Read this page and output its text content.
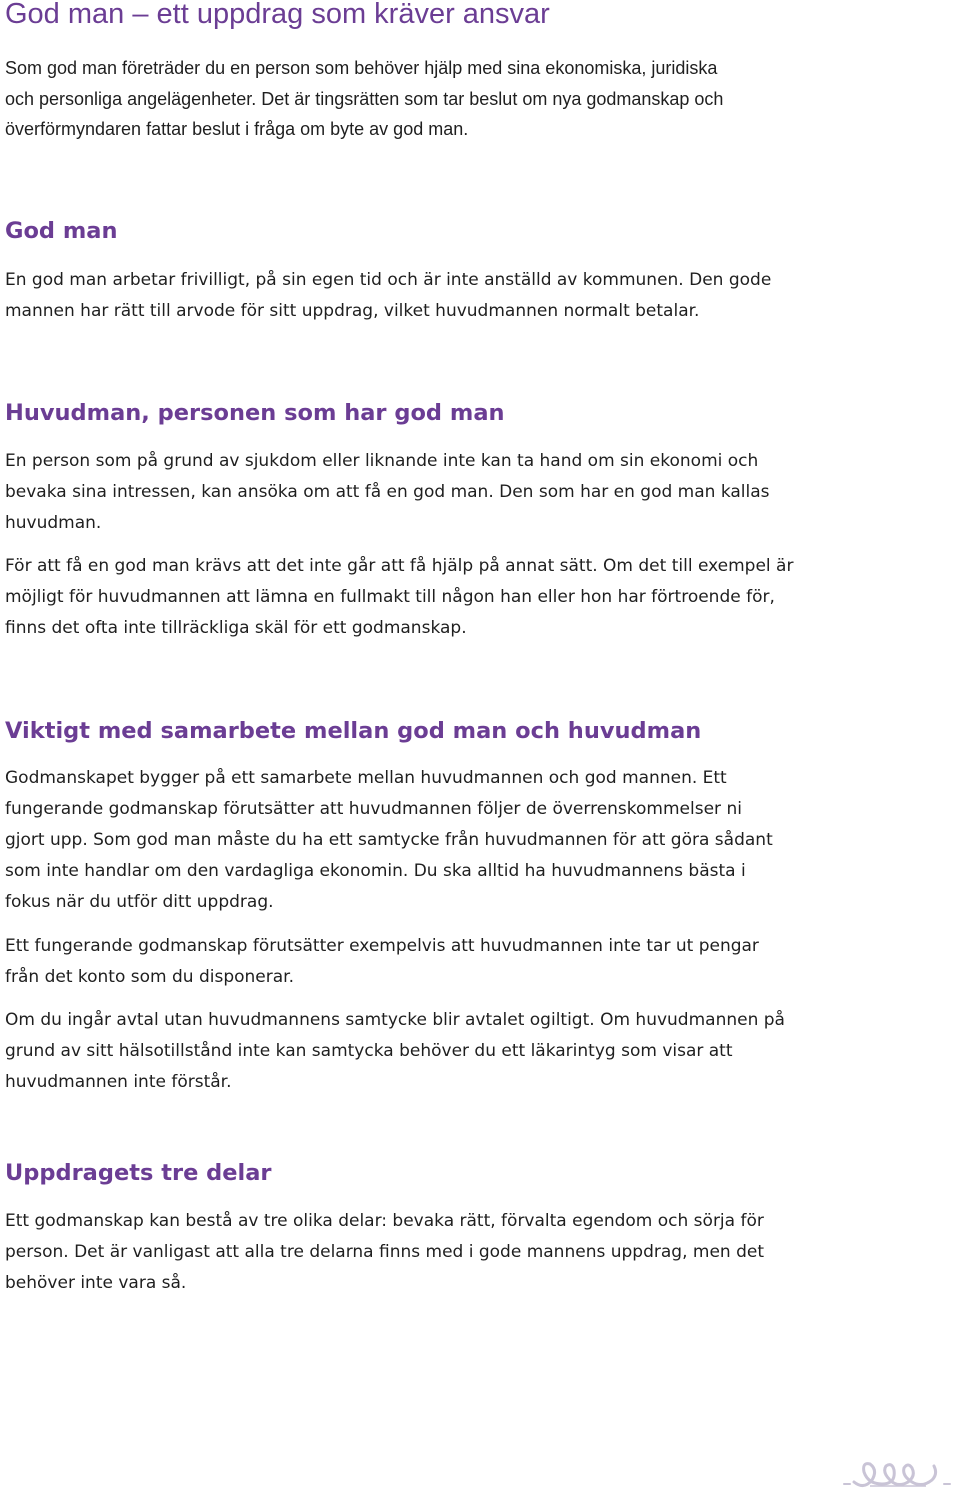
God man – ett uppdrag som kräver ansvar

Som god man företräder du en person som behöver hjälp med sina ekonomiska, juridiska
och personliga angelägenheter. Det är tingsrätten som tar beslut om nya godmanskap och
överförmyndaren fattar beslut i fråga om byte av god man.

God man

En god man arbetar frivilligt, på sin egen tid och är inte anställd av kommunen. Den gode
mannen har rätt till arvode för sitt uppdrag, vilket huvudmannen normalt betalar.

Huvudman, personen som har god man

En person som på grund av sjukdom eller liknande inte kan ta hand om sin ekonomi och
bevaka sina intressen, kan ansöka om att få en god man. Den som har en god man kallas
huvudman.

För att få en god man krävs att det inte går att få hjälp på annat sätt. Om det till exempel är
möjligt för huvudmannen att lämna en fullmakt till någon han eller hon har förtroende för,
finns det ofta inte tillräckliga skäl för ett godmanskap.

Viktigt med samarbete mellan god man och huvudman

Godmanskapet bygger på ett samarbete mellan huvudmannen och god mannen. Ett
fungerande godmanskap förutsätter att huvudmannen följer de överrenskommelser ni
gjort upp. Som god man måste du ha ett samtycke från huvudmannen för att göra sådant
som inte handlar om den vardagliga ekonomin. Du ska alltid ha huvudmannens bästa i
fokus när du utför ditt uppdrag.

Ett fungerande godmanskap förutsätter exempelvis att huvudmannen inte tar ut pengar
från det konto som du disponerar.

Om du ingår avtal utan huvudmannens samtycke blir avtalet ogiltigt. Om huvudmannen på
grund av sitt hälsotillstånd inte kan samtycka behöver du ett läkarintyg som visar att
huvudmannen inte förstår.

Uppdragets tre delar

Ett godmanskap kan bestå av tre olika delar: bevaka rätt, förvalta egendom och sörja för
person. Det är vanligast att alla tre delarna finns med i gode mannens uppdrag, men det
behöver inte vara så.
